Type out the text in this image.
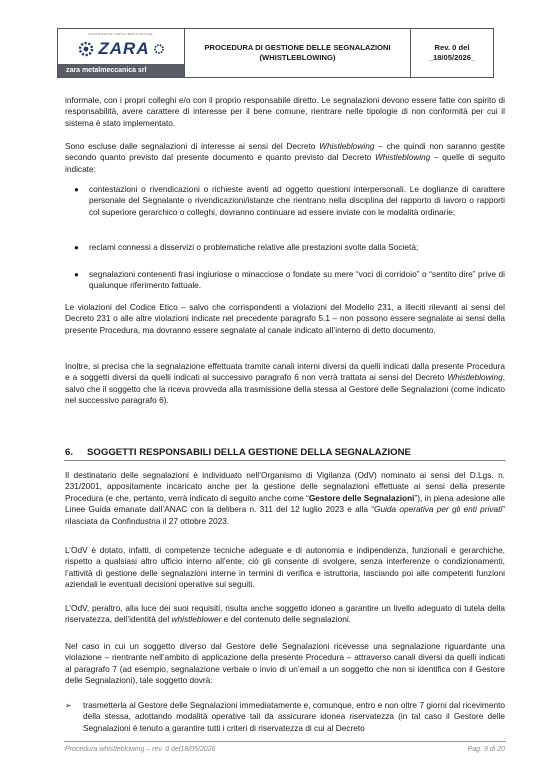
COSTRUZIONI METALMECCANICHE
ZARA
zara metalmeccanica srl
PROCEDURA DI GESTIONE DELLE SEGNALAZIONI
(WHISTLEBLOWING)
Rev. 0 del
_18/05/2026_

informale, con i propri colleghi e/o con il proprio responsabile diretto. Le segnalazioni devono essere fatte con spirito di responsabilità, avere carattere di interesse per il bene comune, rientrare nelle tipologie di non conformità per cui il sistema è stato implementato.

Sono escluse dalle segnalazioni di interesse ai sensi del Decreto Whistleblowing – che quindi non saranno gestite secondo quanto previsto dal presente documento e quanto previsto dal Decreto Whistleblowing – quelle di seguito indicate:

● contestazioni o rivendicazioni o richieste aventi ad oggetto questioni interpersonali. Le doglianze di carattere personale del Segnalante o rivendicazioni/istanze che rientrano nella disciplina del rapporto di lavoro o rapporti col superiore gerarchico o colleghi, dovranno continuare ad essere inviate con le modalità ordinarie;

● reclami connessi a disservizi o problematiche relative alle prestazioni svolte dalla Società;

● segnalazioni contenenti frasi ingiuriose o minacciose o fondate su mere “voci di corridoio” o “sentito dire” prive di qualunque riferimento fattuale.

Le violazioni del Codice Etico – salvo che corrispondenti a violazioni del Modello 231, a illeciti rilevanti ai sensi del Decreto 231 o alle altre violazioni indicate nel precedente paragrafo 5.1 – non possono essere segnalate ai sensi della presente Procedura, ma dovranno essere segnalate al canale indicato all’interno di detto documento.

Inoltre, si precisa che la segnalazione effettuata tramite canali interni diversi da quelli indicati dalla presente Procedura e a soggetti diversi da quelli indicati al successivo paragrafo 6 non verrà trattata ai sensi del Decreto Whistleblowing, salvo che il soggetto che la riceva provveda alla trasmissione della stessa al Gestore delle Segnalazioni (come indicato nel successivo paragrafo 6).

6. SOGGETTI RESPONSABILI DELLA GESTIONE DELLA SEGNALAZIONE

Il destinatario delle segnalazioni è individuato nell’Organismo di Vigilanza (OdV) nominato ai sensi del D.Lgs. n. 231/2001, appositamente incaricato anche per la gestione delle segnalazioni effettuate ai sensi della presente Procedura (e che, pertanto, verrà indicato di seguito anche come “Gestore delle Segnalazioni”), in piena adesione alle Linee Guida emanate dall’ANAC con la delibera n. 311 del 12 luglio 2023 e alla “Guida operativa per gli enti privati” rilasciata da Confindustria il 27 ottobre 2023.

L’OdV è dotato, infatti, di competenze tecniche adeguate e di autonomia e indipendenza, funzionali e gerarchiche, rispetto a qualsiasi altro ufficio interno all’ente; ciò gli consente di svolgere, senza interferenze o condizionamenti, l’attività di gestione delle segnalazioni interne in termini di verifica e istruttoria, lasciando poi alle competenti funzioni aziendali le eventuali decisioni operative sui seguiti.

L’OdV, peraltro, alla luce dei suoi requisiti, risulta anche soggetto idoneo a garantire un livello adeguato di tutela della riservatezza, dell’identità del whistleblower e del contenuto delle segnalazioni.

Nel caso in cui un soggetto diverso dal Gestore delle Segnalazioni ricevesse una segnalazione riguardante una violazione – rientrante nell’ambito di applicazione della presente Procedura – attraverso canali diversi da quelli indicati al paragrafo 7 (ad esempio, segnalazione verbale o invio di un’email a un soggetto che non si identifica con il Gestore delle Segnalazioni), tale soggetto dovrà:

➢ trasmetterla al Gestore delle Segnalazioni immediatamente e, comunque, entro e non oltre 7 giorni dal ricevimento della stessa, adottando modalità operative tali da assicurare idonea riservatezza (in tal caso il Gestore delle Segnalazioni è tenuto a garantire tutti i criteri di riservatezza di cui al Decreto

Procedura whistleblowing – rev. 0 del18/05/2026	Pag. 9 di 20
